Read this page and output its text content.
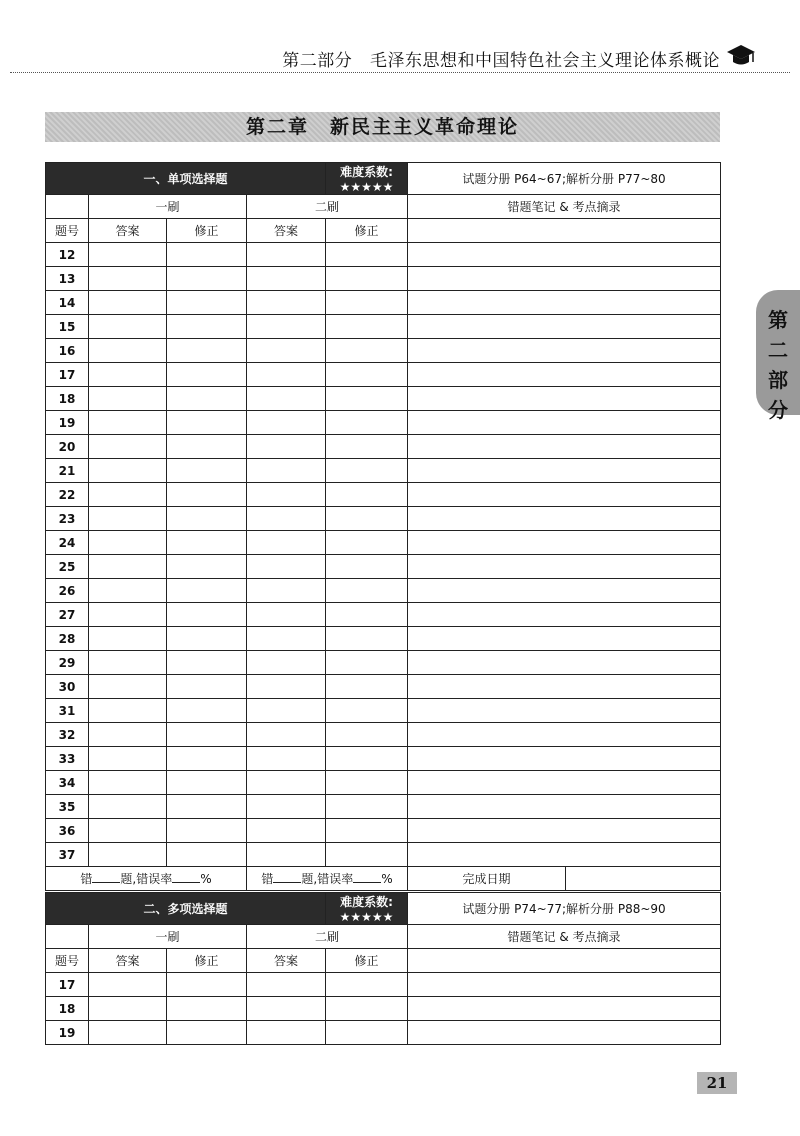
第二部分 毛泽东思想和中国特色社会主义理论体系概论
第二章　新民主主义革命理论
第二部分
一、单项选择题				难度系数: ★★★★★	试题分册 P64~67;解析分册 P77~80	
	一刷		二刷		错题笔记 & 考点摘录	
题号	答案	修正	答案	修正		
12						
13						
14						
15						
16						
17						
18						
19						
20						
21						
22						
23						
24						
25						
26						
27						
28						
29						
30						
31						
32						
33						
34						
35						
36						
37						
错 题,错误率 %			错 题,错误率 %		完成日期	
二、多项选择题				难度系数: ★★★★★	试题分册 P74~77;解析分册 P88~90
	一刷		二刷		错题笔记 & 考点摘录
题号	答案	修正	答案	修正	
17					
18					
19					
21
